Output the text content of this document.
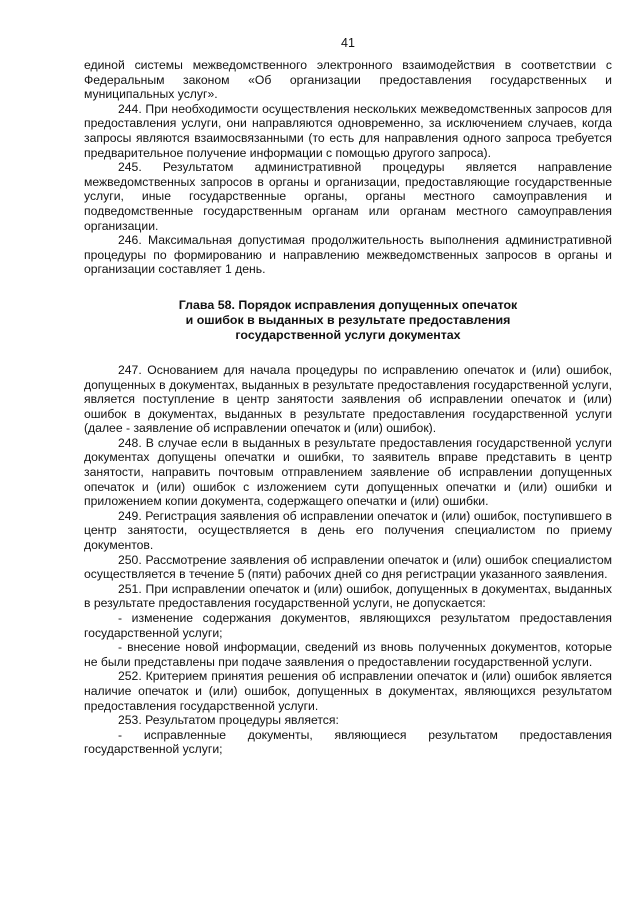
41

единой системы межведомственного электронного взаимодействия в соответствии с Федеральным законом «Об организации предоставления государственных и муниципальных услуг».

244. При необходимости осуществления нескольких межведомственных запросов для предоставления услуги, они направляются одновременно, за исключением случаев, когда запросы являются взаимосвязанными (то есть для направления одного запроса требуется предварительное получение информации с помощью другого запроса).

245. Результатом административной процедуры является направление межведомственных запросов в органы и организации, предоставляющие государственные услуги, иные государственные органы, органы местного самоуправления и подведомственные государственным органам или органам местного самоуправления организации.

246. Максимальная допустимая продолжительность выполнения административной процедуры по формированию и направлению межведомственных запросов в органы и организации составляет 1 день.

Глава 58. Порядок исправления допущенных опечаток
и ошибок в выданных в результате предоставления
государственной услуги документах

247. Основанием для начала процедуры по исправлению опечаток и (или) ошибок, допущенных в документах, выданных в результате предоставления государственной услуги, является поступление в центр занятости заявления об исправлении опечаток и (или) ошибок в документах, выданных в результате предоставления государственной услуги (далее - заявление об исправлении опечаток и (или) ошибок).

248. В случае если в выданных в результате предоставления государственной услуги документах допущены опечатки и ошибки, то заявитель вправе представить в центр занятости, направить почтовым отправлением заявление об исправлении допущенных опечаток и (или) ошибок с изложением сути допущенных опечатки и (или) ошибки и приложением копии документа, содержащего опечатки и (или) ошибки.

249. Регистрация заявления об исправлении опечаток и (или) ошибок, поступившего в центр занятости, осуществляется в день его получения специалистом по приему документов.

250. Рассмотрение заявления об исправлении опечаток и (или) ошибок специалистом осуществляется в течение 5 (пяти) рабочих дней со дня регистрации указанного заявления.

251. При исправлении опечаток и (или) ошибок, допущенных в документах, выданных в результате предоставления государственной услуги, не допускается:

- изменение содержания документов, являющихся результатом предоставления государственной услуги;

- внесение новой информации, сведений из вновь полученных документов, которые не были представлены при подаче заявления о предоставлении государственной услуги.

252. Критерием принятия решения об исправлении опечаток и (или) ошибок является наличие опечаток и (или) ошибок, допущенных в документах, являющихся результатом предоставления государственной услуги.

253. Результатом процедуры является:

- исправленные документы, являющиеся результатом предоставления государственной услуги;
